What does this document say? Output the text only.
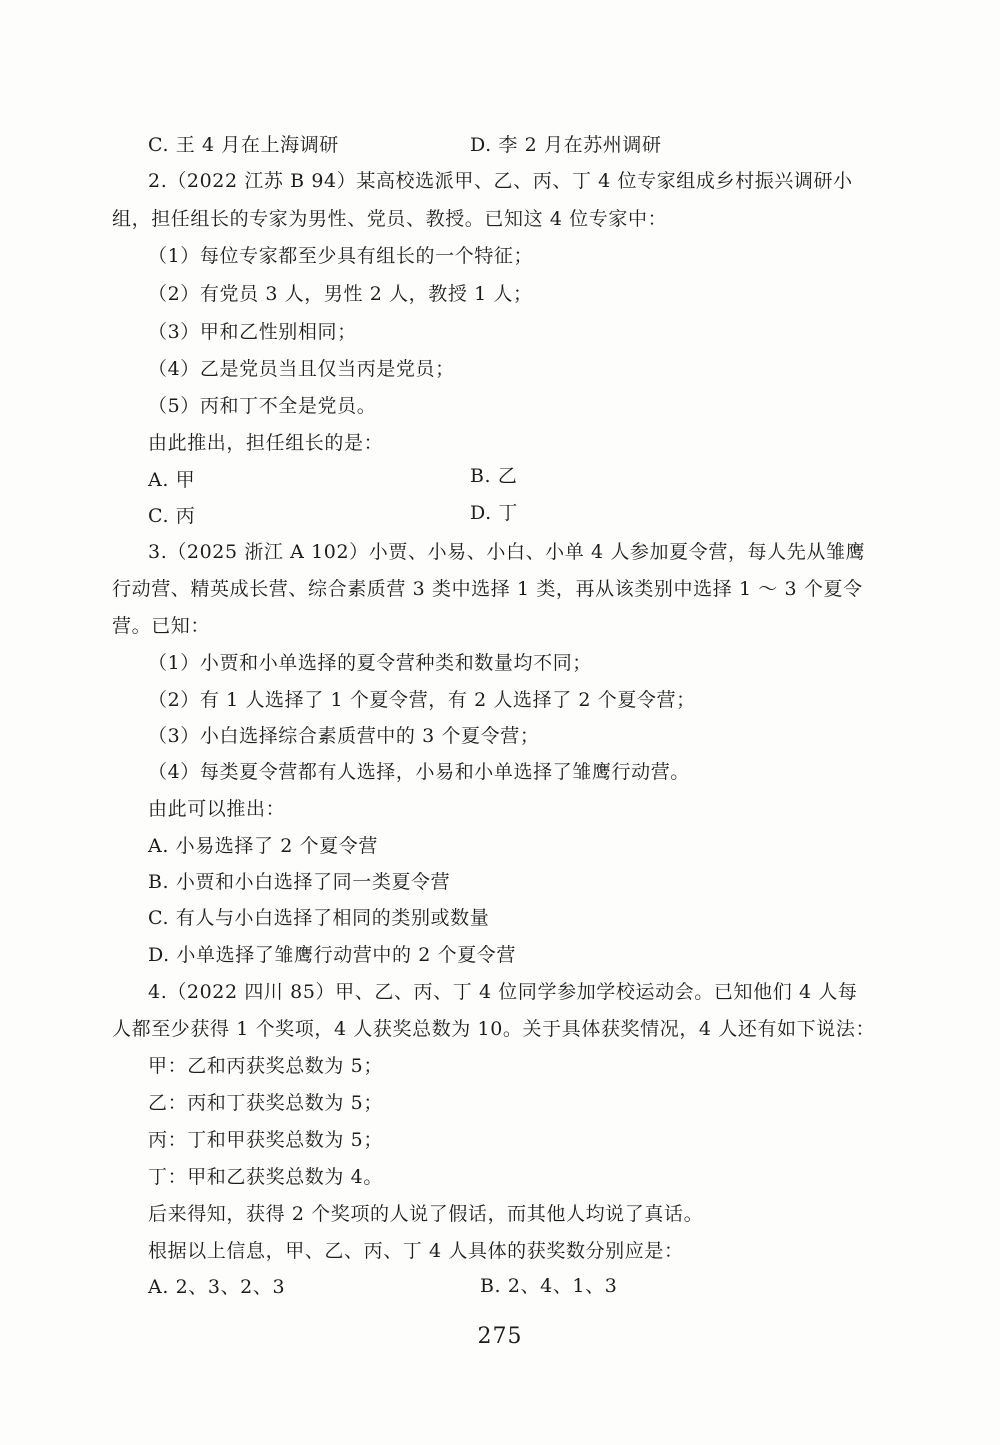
C. 王 4 月在上海调研	D. 李 2 月在苏州调研
2.（2022 江苏 B 94）某高校选派甲、乙、丙、丁 4 位专家组成乡村振兴调研小
组，担任组长的专家为男性、党员、教授。已知这 4 位专家中：
（1）每位专家都至少具有组长的一个特征；
（2）有党员 3 人，男性 2 人，教授 1 人；
（3）甲和乙性别相同；
（4）乙是党员当且仅当丙是党员；
（5）丙和丁不全是党员。
由此推出，担任组长的是：
A. 甲	B. 乙
C. 丙	D. 丁
3.（2025 浙江 A 102）小贾、小易、小白、小单 4 人参加夏令营，每人先从雏鹰
行动营、精英成长营、综合素质营 3 类中选择 1 类，再从该类别中选择 1 ～ 3 个夏令
营。已知：
（1）小贾和小单选择的夏令营种类和数量均不同；
（2）有 1 人选择了 1 个夏令营，有 2 人选择了 2 个夏令营；
（3）小白选择综合素质营中的 3 个夏令营；
（4）每类夏令营都有人选择，小易和小单选择了雏鹰行动营。
由此可以推出：
A. 小易选择了 2 个夏令营
B. 小贾和小白选择了同一类夏令营
C. 有人与小白选择了相同的类别或数量
D. 小单选择了雏鹰行动营中的 2 个夏令营
4.（2022 四川 85）甲、乙、丙、丁 4 位同学参加学校运动会。已知他们 4 人每
人都至少获得 1 个奖项，4 人获奖总数为 10。关于具体获奖情况，4 人还有如下说法：
甲：乙和丙获奖总数为 5；
乙：丙和丁获奖总数为 5；
丙：丁和甲获奖总数为 5；
丁：甲和乙获奖总数为 4。
后来得知，获得 2 个奖项的人说了假话，而其他人均说了真话。
根据以上信息，甲、乙、丙、丁 4 人具体的获奖数分别应是：
A. 2、3、2、3	B. 2、4、1、3
275
